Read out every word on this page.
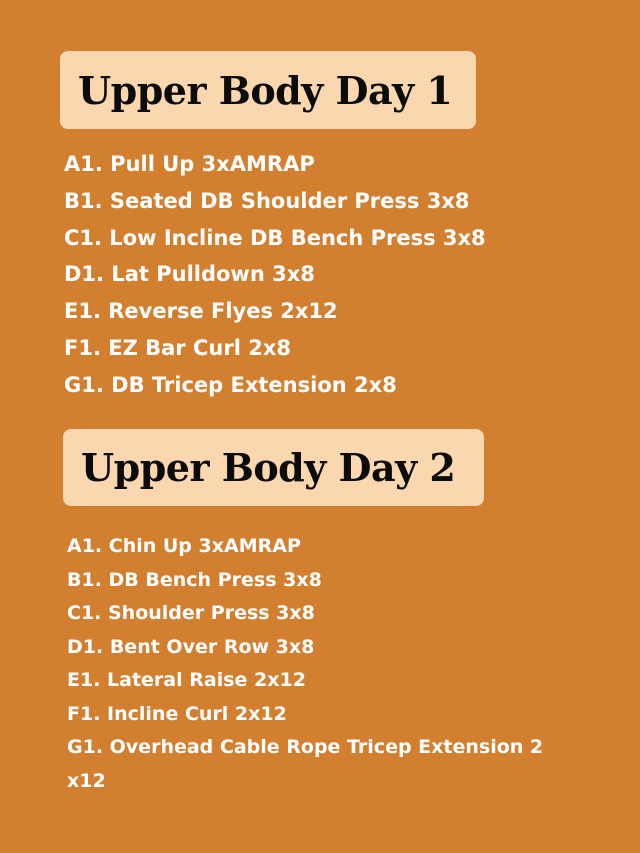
Upper Body Day 1
A1. Pull Up 3xAMRAP
B1. Seated DB Shoulder Press 3x8
C1. Low Incline DB Bench Press 3x8
D1. Lat Pulldown 3x8
E1. Reverse Flyes 2x12
F1. EZ Bar Curl 2x8
G1. DB Tricep Extension 2x8
Upper Body Day 2
A1. Chin Up 3xAMRAP
B1. DB Bench Press 3x8
C1. Shoulder Press 3x8
D1. Bent Over Row 3x8
E1. Lateral Raise 2x12
F1. Incline Curl 2x12
G1. Overhead Cable Rope Tricep Extension 2
x12
